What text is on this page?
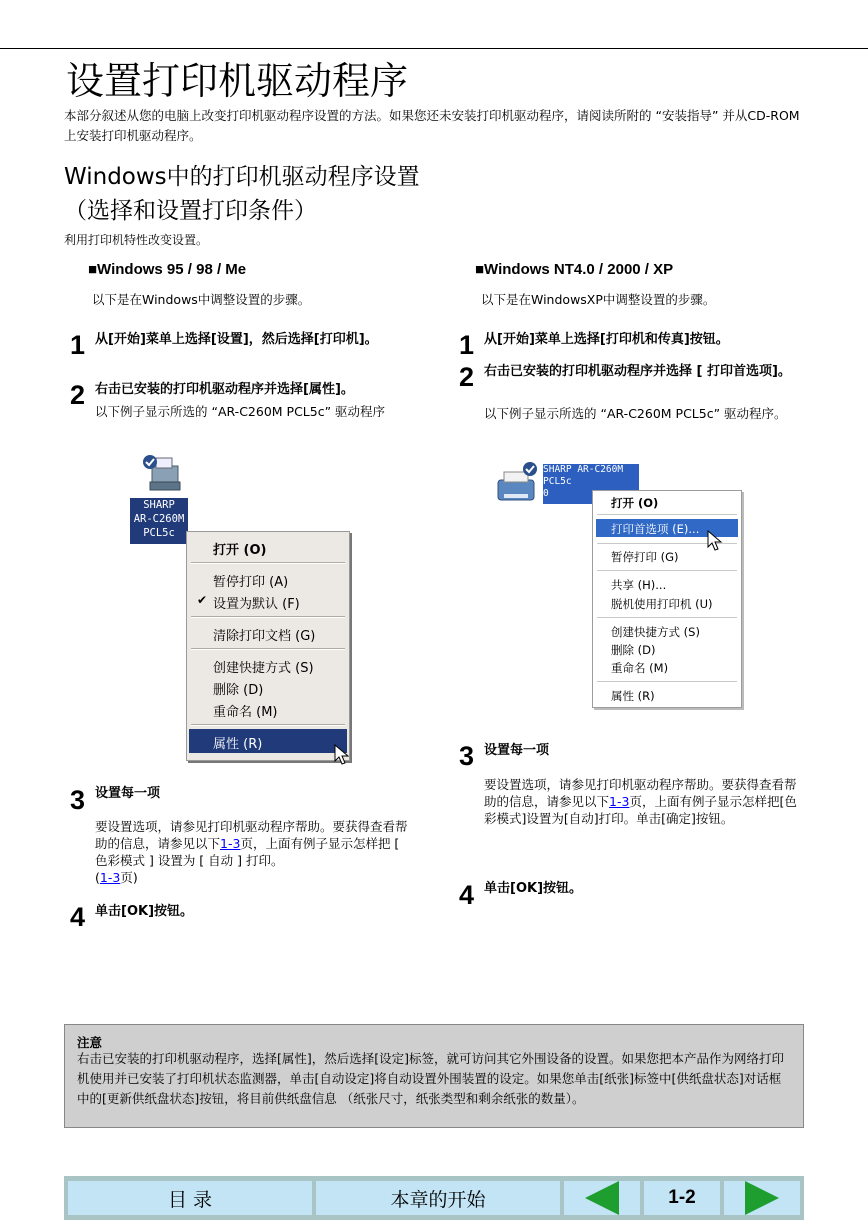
设置打印机驱动程序
本部分叙述从您的电脑上改变打印机驱动程序设置的方法。如果您还未安装打印机驱动程序，请阅读所附的 “安装指导” 并从CD-ROM上安装打印机驱动程序。
Windows中的打印机驱动程序设置
（选择和设置打印条件）
利用打印机特性改变设置。
■Windows 95 / 98 / Me
以下是在Windows中调整设置的步骤。
1 从[开始]菜单上选择[设置]，然后选择[打印机]。
2 右击已安装的打印机驱动程序并选择[属性]。
以下例子显示所选的 “AR-C260M PCL5c” 驱动程序
SHARP
AR-C260M
PCL5c
打开 (O)
暂停打印 (A)
✔ 设置为默认 (F)
清除打印文档 (G)
创建快捷方式 (S)
删除 (D)
重命名 (M)
属性 (R)
3 设置每一项
要设置选项，请参见打印机驱动程序帮助。要获得查看帮助的信息，请参见以下1-3页，上面有例子显示怎样把 [ 色彩模式 ] 设置为 [ 自动 ] 打印。
(1-3页)
4 单击[OK]按钮。
■Windows NT4.0 / 2000 / XP
以下是在WindowsXP中调整设置的步骤。
1 从[开始]菜单上选择[打印机和传真]按钮。
2 右击已安装的打印机驱动程序并选择 [ 打印首选项]。
以下例子显示所选的 “AR-C260M PCL5c” 驱动程序。
SHARP AR-C260M
PCL5c
0
打开 (O)
打印首选项 (E)...
暂停打印 (G)
共享 (H)...
脱机使用打印机 (U)
创建快捷方式 (S)
删除 (D)
重命名 (M)
属性 (R)
3 设置每一项
要设置选项，请参见打印机驱动程序帮助。要获得查看帮助的信息，请参见以下1-3页，上面有例子显示怎样把[色彩模式]设置为[自动]打印。单击[确定]按钮。
4 单击[OK]按钮。
注意
右击已安装的打印机驱动程序，选择[属性]，然后选择[设定]标签，就可访问其它外围设备的设置。如果您把本产品作为网络打印机使用并已安装了打印机状态监测器，单击[自动设定]将自动设置外围装置的设定。如果您单击[纸张]标签中[供纸盘状态]对话框中的[更新供纸盘状态]按钮，将目前供纸盘信息 （纸张尺寸，纸张类型和剩余纸张的数量）。
目 录	本章的开始	1-2
